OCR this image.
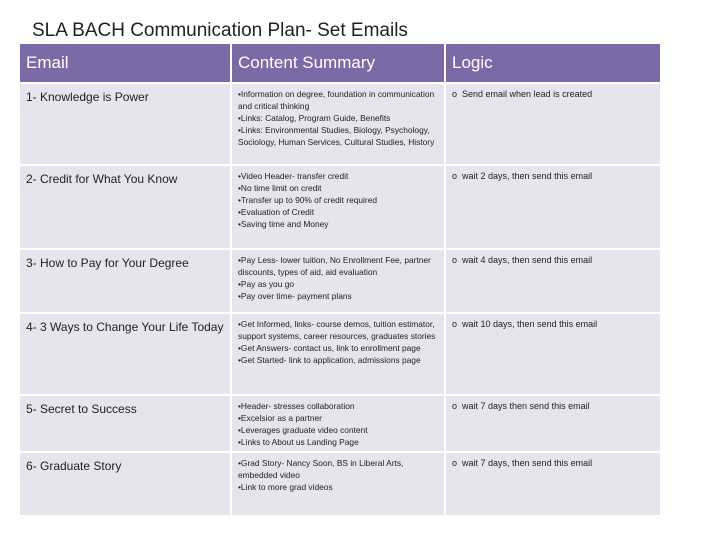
SLA BACH Communication Plan- Set Emails
Email	Content Summary	Logic
1- Knowledge is Power	•Information on degree, foundation in communication and critical thinking
•Links: Catalog, Program Guide, Benefits
•Links: Environmental Studies, Biology, Psychology, Sociology, Human Services, Cultural Studies, History	o Send email when lead is created
2- Credit for What You Know	•Video Header- transfer credit
•No time limit on credit
•Transfer up to 90% of credit required
•Evaluation of Credit
•Saving time and Money	o wait 2 days, then send this email
3- How to Pay for Your Degree	•Pay Less- lower tuition, No Enrollment Fee, partner discounts, types of aid, aid evaluation
•Pay as you go
•Pay over time- payment plans	o wait 4 days, then send this email
4- 3 Ways to Change Your Life Today	•Get Informed, links- course demos, tuition estimator, support systems, career resources, graduates stories
•Get Answers- contact us, link to enrollment page
•Get Started- link to application, admissions page	o wait 10 days, then send this email
5- Secret to Success	•Header- stresses collaboration
•Excelsior as a partner
•Leverages graduate video content
•Links to About us Landing Page	o wait 7 days then send this email
6- Graduate Story	•Grad Story- Nancy Soon, BS in Liberal Arts, embedded video
•Link to more grad videos	o wait 7 days, then send this email
